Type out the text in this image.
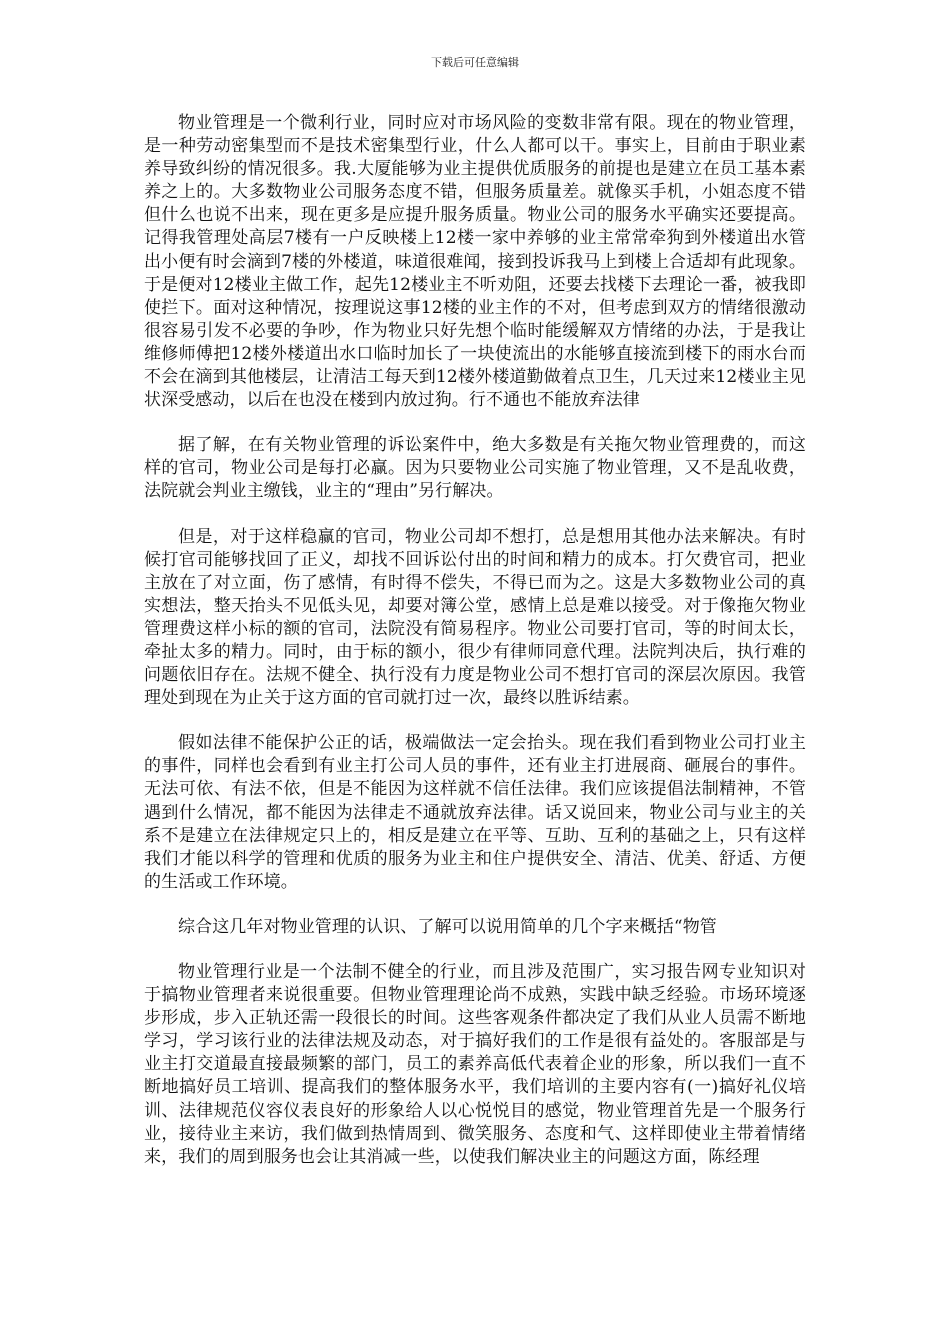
下载后可任意编辑

物业管理是一个微利行业，同时应对市场风险的变数非常有限。现在的物业管理，是一种劳动密集型而不是技术密集型行业，什么人都可以干。事实上，目前由于职业素养导致纠纷的情况很多。我.大厦能够为业主提供优质服务的前提也是建立在员工基本素养之上的。大多数物业公司服务态度不错，但服务质量差。就像买手机，小姐态度不错但什么也说不出来，现在更多是应提升服务质量。物业公司的服务水平确实还要提高。记得我管理处高层7楼有一户反映楼上12楼一家中养够的业主常常牵狗到外楼道出水管出小便有时会滴到7楼的外楼道，味道很难闻，接到投诉我马上到楼上合适却有此现象。于是便对12楼业主做工作，起先12楼业主不听劝阻，还要去找楼下去理论一番，被我即使拦下。面对这种情况，按理说这事12楼的业主作的不对，但考虑到双方的情绪很激动很容易引发不必要的争吵，作为物业只好先想个临时能缓解双方情绪的办法，于是我让维修师傅把12楼外楼道出水口临时加长了一块使流出的水能够直接流到楼下的雨水台而不会在滴到其他楼层，让清洁工每天到12楼外楼道勤做着点卫生，几天过来12楼业主见状深受感动，以后在也没在楼到内放过狗。行不通也不能放弃法律

据了解，在有关物业管理的诉讼案件中，绝大多数是有关拖欠物业管理费的，而这样的官司，物业公司是每打必赢。因为只要物业公司实施了物业管理，又不是乱收费，法院就会判业主缴钱，业主的“理由”另行解决。

但是，对于这样稳赢的官司，物业公司却不想打，总是想用其他办法来解决。有时候打官司能够找回了正义，却找不回诉讼付出的时间和精力的成本。打欠费官司，把业主放在了对立面，伤了感情，有时得不偿失，不得已而为之。这是大多数物业公司的真实想法，整天抬头不见低头见，却要对簿公堂，感情上总是难以接受。对于像拖欠物业管理费这样小标的额的官司，法院没有简易程序。物业公司要打官司，等的时间太长，牵扯太多的精力。同时，由于标的额小，很少有律师同意代理。法院判决后，执行难的问题依旧存在。法规不健全、执行没有力度是物业公司不想打官司的深层次原因。我管理处到现在为止关于这方面的官司就打过一次，最终以胜诉结素。

假如法律不能保护公正的话，极端做法一定会抬头。现在我们看到物业公司打业主的事件，同样也会看到有业主打公司人员的事件，还有业主打进展商、砸展台的事件。无法可依、有法不依，但是不能因为这样就不信任法律。我们应该提倡法制精神，不管遇到什么情况，都不能因为法律走不通就放弃法律。话又说回来，物业公司与业主的关系不是建立在法律规定只上的，相反是建立在平等、互助、互利的基础之上，只有这样我们才能以科学的管理和优质的服务为业主和住户提供安全、清洁、优美、舒适、方便的生活或工作环境。

综合这几年对物业管理的认识、了解可以说用简单的几个字来概括“物管

物业管理行业是一个法制不健全的行业，而且涉及范围广，实习报告网专业知识对于搞物业管理者来说很重要。但物业管理理论尚不成熟，实践中缺乏经验。市场环境逐步形成，步入正轨还需一段很长的时间。这些客观条件都决定了我们从业人员需不断地学习，学习该行业的法律法规及动态，对于搞好我们的工作是很有益处的。客服部是与业主打交道最直接最频繁的部门，员工的素养高低代表着企业的形象，所以我们一直不断地搞好员工培训、提高我们的整体服务水平，我们培训的主要内容有(一)搞好礼仪培训、法律规范仪容仪表良好的形象给人以心悦悦目的感觉，物业管理首先是一个服务行业，接待业主来访，我们做到热情周到、微笑服务、态度和气、这样即使业主带着情绪来，我们的周到服务也会让其消减一些，以使我们解决业主的问题这方面，陈经理
